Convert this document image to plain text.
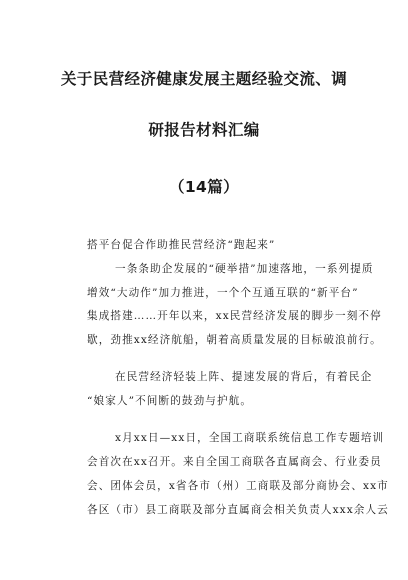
关于民营经济健康发展主题经验交流、调
研报告材料汇编
（14篇）
搭平台促合作助推民营经济“跑起来”
一条条助企发展的“硬举措”加速落地，一系列提质
增效“大动作”加力推进，一个个互通互联的“新平台”
集成搭建……开年以来，xx民营经济发展的脚步一刻不停
歇，劲推xx经济航船，朝着高质量发展的目标破浪前行。
在民营经济轻装上阵、提速发展的背后，有着民企
“娘家人”不间断的鼓劲与护航。
x月xx日—xx日，全国工商联系统信息工作专题培训
会首次在xx召开。来自全国工商联各直属商会、行业委员
会、团体会员，x省各市（州）工商联及部分商协会、xx市
各区（市）县工商联及部分直属商会相关负责人xxx余人云
